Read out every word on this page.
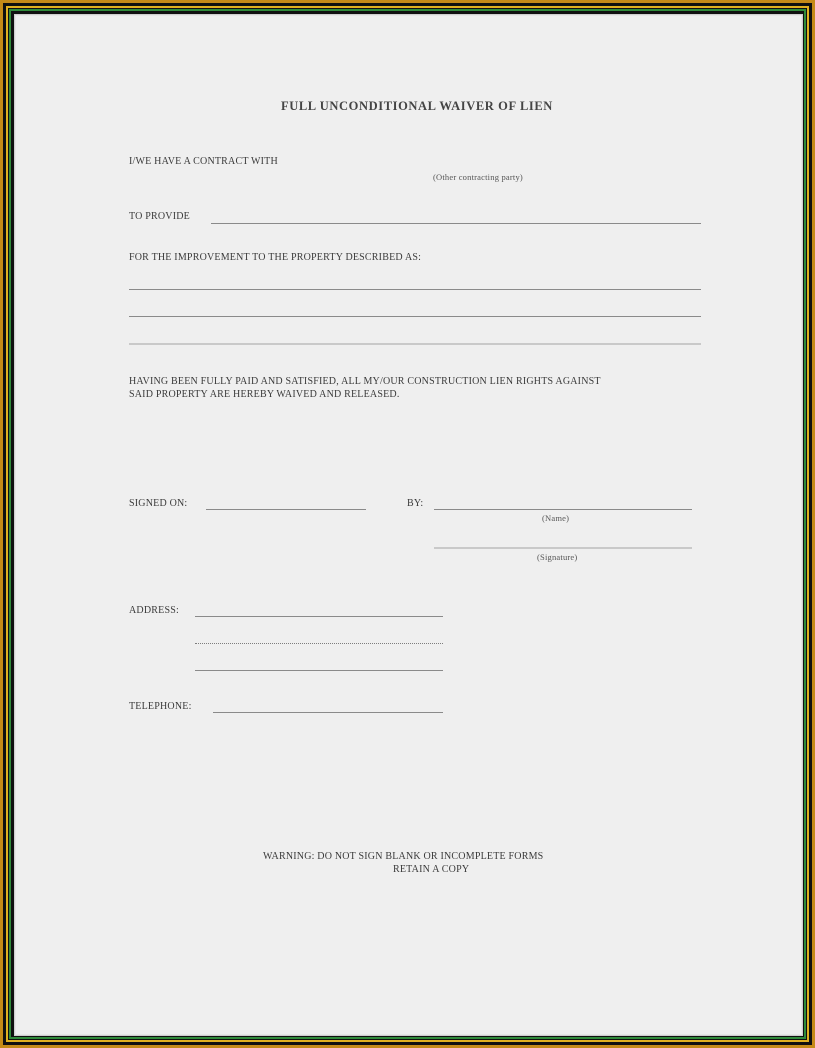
FULL UNCONDITIONAL WAIVER OF LIEN
I/WE HAVE A CONTRACT WITH
(Other contracting party)
TO PROVIDE
FOR THE IMPROVEMENT TO THE PROPERTY DESCRIBED AS:
HAVING BEEN FULLY PAID AND SATISFIED, ALL MY/OUR CONSTRUCTION LIEN RIGHTS AGAINST
SAID PROPERTY ARE HEREBY WAIVED AND RELEASED.
SIGNED ON:	BY:
(Name)
(Signature)
ADDRESS:
TELEPHONE:
WARNING: DO NOT SIGN BLANK OR INCOMPLETE FORMS
RETAIN A COPY
